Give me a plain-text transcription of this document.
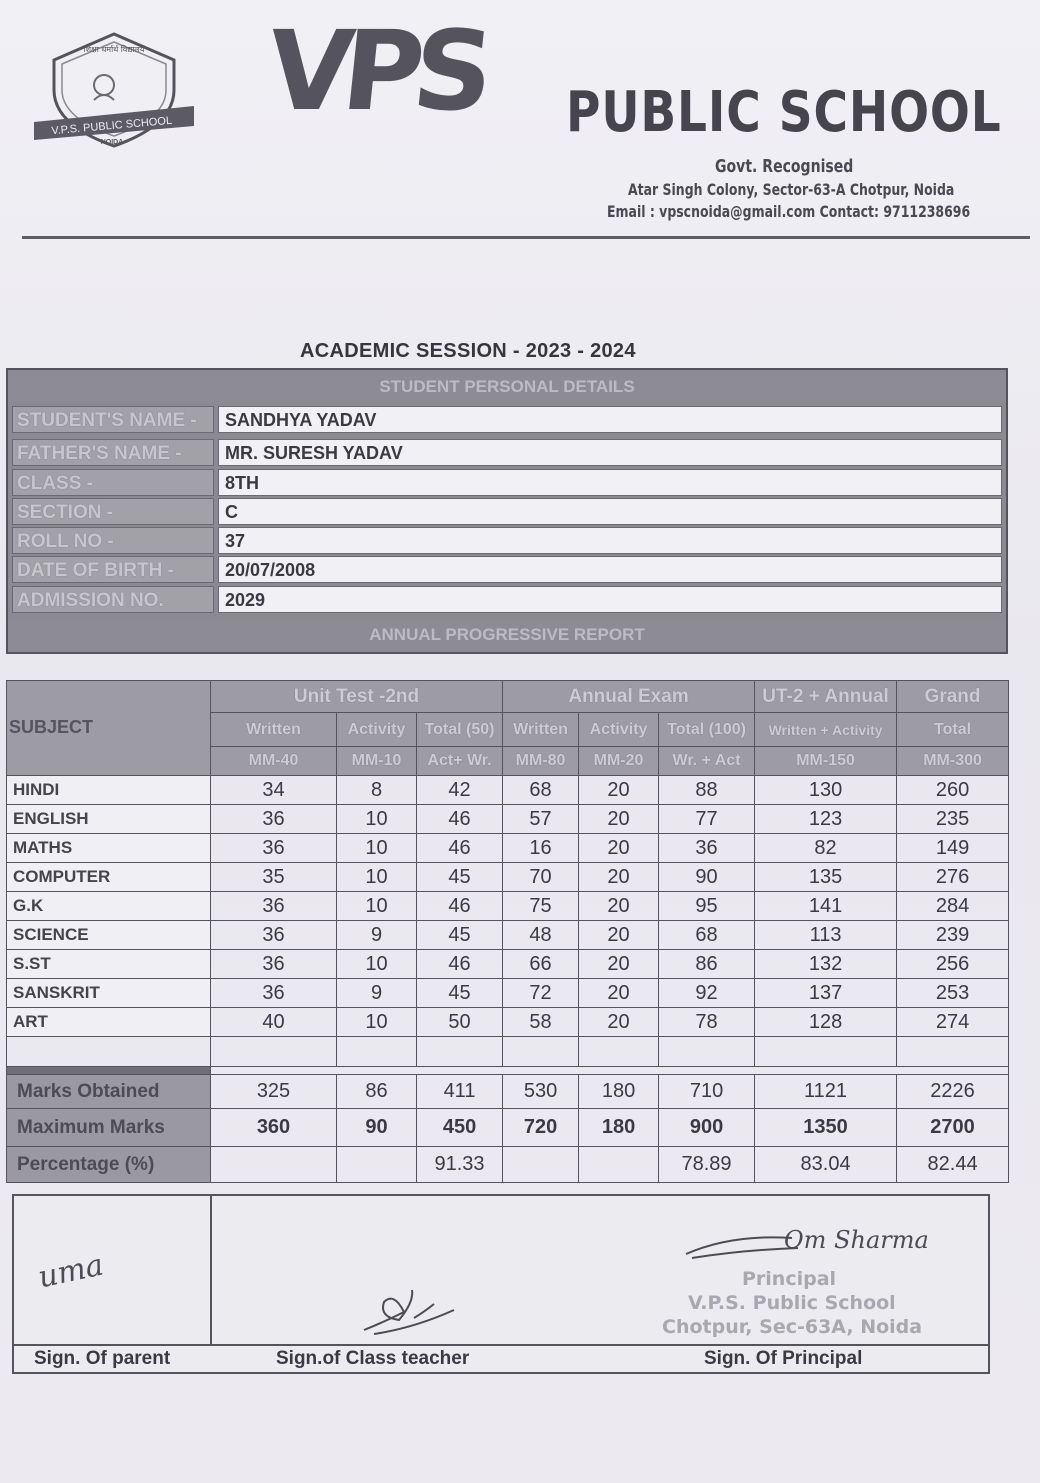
शिक्षा धर्मार्थ विद्यालय
V.P.S. PUBLIC SCHOOL
NOIDA
VPS PUBLIC SCHOOL
Govt. Recognised
Atar Singh Colony, Sector-63-A Chotpur, Noida
Email : vpscnoida@gmail.com Contact: 9711238696
ACADEMIC SESSION - 2023 - 2024
STUDENT PERSONAL DETAILS
STUDENT'S NAME -	SANDHYA YADAV
FATHER'S NAME -	MR. SURESH YADAV
CLASS -	8TH
SECTION -	C
ROLL NO -	37
DATE OF BIRTH -	20/07/2008
ADMISSION NO.	2029
ANNUAL PROGRESSIVE REPORT
SUBJECT	Unit Test -2nd			Annual Exam			UT-2 + Annual	Grand
	Written	Activity	Total (50)	Written	Activity	Total (100)	Written + Activity	Total
	MM-40	MM-10	Act+ Wr.	MM-80	MM-20	Wr. + Act	MM-150	MM-300
HINDI	34	8	42	68	20	88	130	260
ENGLISH	36	10	46	57	20	77	123	235
MATHS	36	10	46	16	20	36	82	149
COMPUTER	35	10	45	70	20	90	135	276
G.K	36	10	46	75	20	95	141	284
SCIENCE	36	9	45	48	20	68	113	239
S.ST	36	10	46	66	20	86	132	256
SANSKRIT	36	9	45	72	20	92	137	253
ART	40	10	50	58	20	78	128	274

Marks Obtained	325	86	411	530	180	710	1121	2226
Maximum Marks	360	90	450	720	180	900	1350	2700
Percentage (%)			91.33			78.89	83.04	82.44
uma
Om Sharma
Principal
V.P.S. Public School
Chotpur, Sec-63A, Noida
Sign. Of parent	Sign.of Class teacher	Sign. Of Principal
